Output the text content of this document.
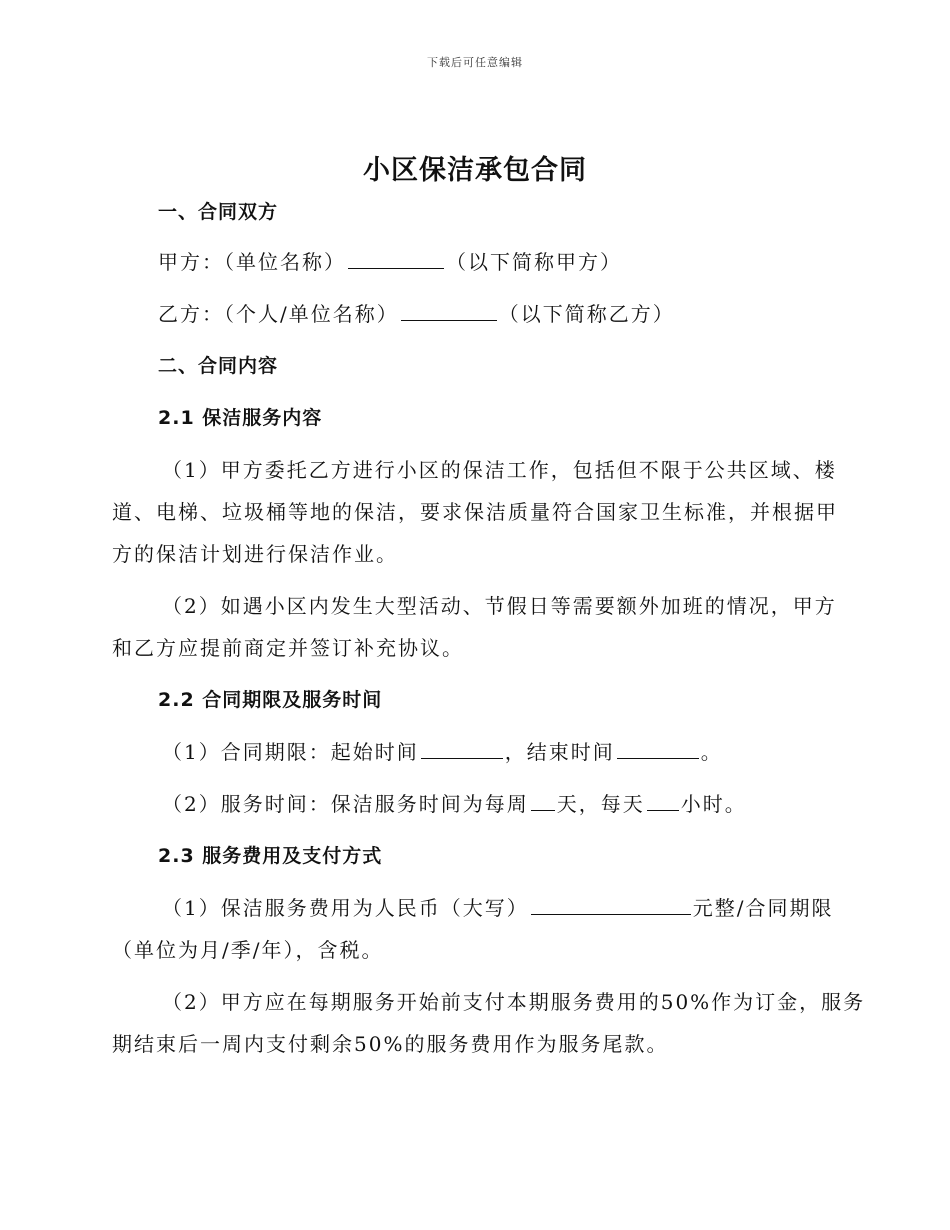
下载后可任意编辑
小区保洁承包合同
一、合同双方
甲方：（单位名称）	（以下简称甲方）
乙方：（个人/单位名称）	（以下简称乙方）
二、合同内容
2.1 保洁服务内容
（1）甲方委托乙方进行小区的保洁工作，包括但不限于公共区域、楼
道、电梯、垃圾桶等地的保洁，要求保洁质量符合国家卫生标准，并根据甲
方的保洁计划进行保洁作业。
（2）如遇小区内发生大型活动、节假日等需要额外加班的情况，甲方
和乙方应提前商定并签订补充协议。
2.2 合同期限及服务时间
（1）合同期限：起始时间	，结束时间	。
（2）服务时间：保洁服务时间为每周 天，每天 小时。
2.3 服务费用及支付方式
（1）保洁服务费用为人民币（大写）	元整/合同期限
（单位为月/季/年），含税。
（2）甲方应在每期服务开始前支付本期服务费用的50%作为订金，服务
期结束后一周内支付剩余50%的服务费用作为服务尾款。
